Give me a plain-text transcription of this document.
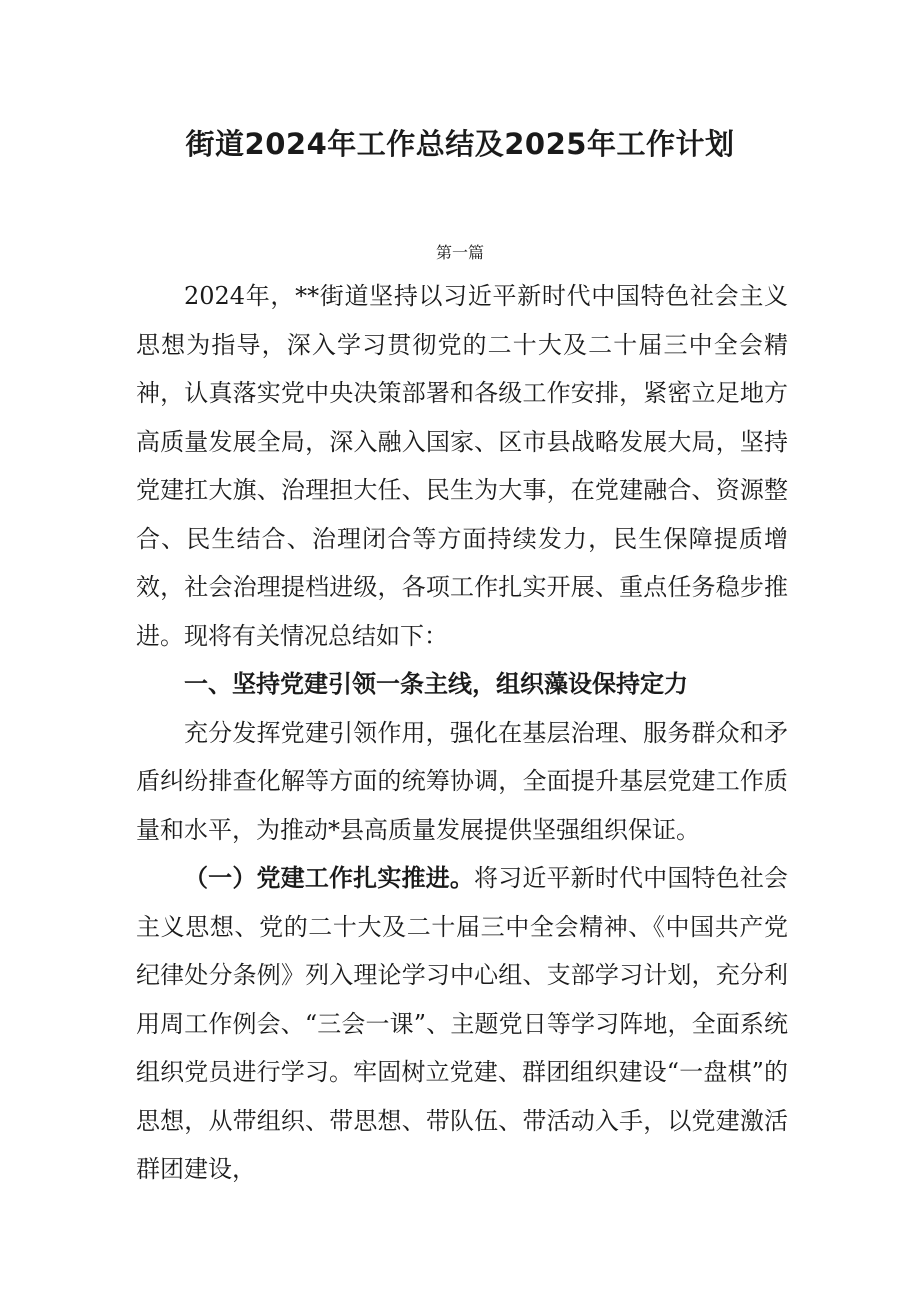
街道2024年工作总结及2025年工作计划
第一篇

2024年，**街道坚持以习近平新时代中国特色社会主义思想为指导，深入学习贯彻党的二十大及二十届三中全会精神，认真落实党中央决策部署和各级工作安排，紧密立足地方高质量发展全局，深入融入国家、区市县战略发展大局，坚持党建扛大旗、治理担大任、民生为大事，在党建融合、资源整合、民生结合、治理闭合等方面持续发力，民生保障提质增效，社会治理提档进级，各项工作扎实开展、重点任务稳步推进。现将有关情况总结如下：

一、坚持党建引领一条主线，组织藻设保持定力

充分发挥党建引领作用，强化在基层治理、服务群众和矛盾纠纷排查化解等方面的统筹协调，全面提升基层党建工作质量和水平，为推动*县高质量发展提供坚强组织保证。

（一）党建工作扎实推进。将习近平新时代中国特色社会主义思想、党的二十大及二十届三中全会精神、《中国共产党纪律处分条例》列入理论学习中心组、支部学习计划，充分利用周工作例会、“三会一课”、主题党日等学习阵地，全面系统组织党员进行学习。牢固树立党建、群团组织建设“一盘棋”的思想，从带组织、带思想、带队伍、带活动入手，以党建激活群团建设，
